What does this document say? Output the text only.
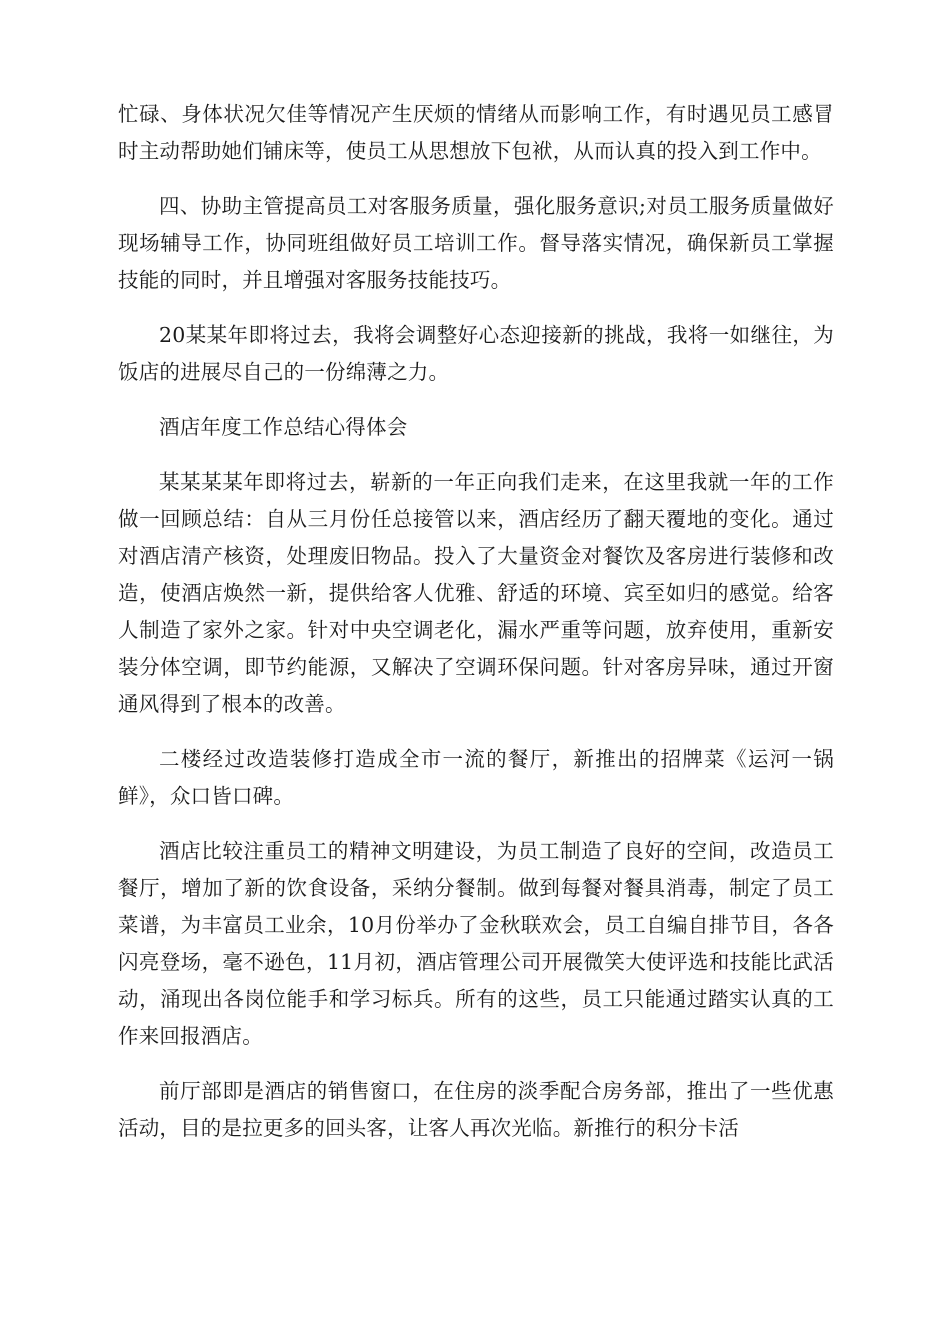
忙碌、身体状况欠佳等情况产生厌烦的情绪从而影响工作，有时遇见员工感冒时主动帮助她们铺床等，使员工从思想放下包袱，从而认真的投入到工作中。

四、协助主管提高员工对客服务质量，强化服务意识;对员工服务质量做好现场辅导工作，协同班组做好员工培训工作。督导落实情况，确保新员工掌握技能的同时，并且增强对客服务技能技巧。

20某某年即将过去，我将会调整好心态迎接新的挑战，我将一如继往，为饭店的进展尽自己的一份绵薄之力。

酒店年度工作总结心得体会

某某某某年即将过去，崭新的一年正向我们走来，在这里我就一年的工作做一回顾总结：自从三月份任总接管以来，酒店经历了翻天覆地的变化。通过对酒店清产核资，处理废旧物品。投入了大量资金对餐饮及客房进行装修和改造，使酒店焕然一新，提供给客人优雅、舒适的环境、宾至如归的感觉。给客人制造了家外之家。针对中央空调老化，漏水严重等问题，放弃使用，重新安装分体空调，即节约能源，又解决了空调环保问题。针对客房异味，通过开窗通风得到了根本的改善。

二楼经过改造装修打造成全市一流的餐厅，新推出的招牌菜《运河一锅鲜》，众口皆口碑。

酒店比较注重员工的精神文明建设，为员工制造了良好的空间，改造员工餐厅，增加了新的饮食设备，采纳分餐制。做到每餐对餐具消毒，制定了员工菜谱，为丰富员工业余，10月份举办了金秋联欢会，员工自编自排节目，各各闪亮登场，毫不逊色，11月初，酒店管理公司开展微笑大使评选和技能比武活动，涌现出各岗位能手和学习标兵。所有的这些，员工只能通过踏实认真的工作来回报酒店。

前厅部即是酒店的销售窗口，在住房的淡季配合房务部，推出了一些优惠活动，目的是拉更多的回头客，让客人再次光临。新推行的积分卡活
